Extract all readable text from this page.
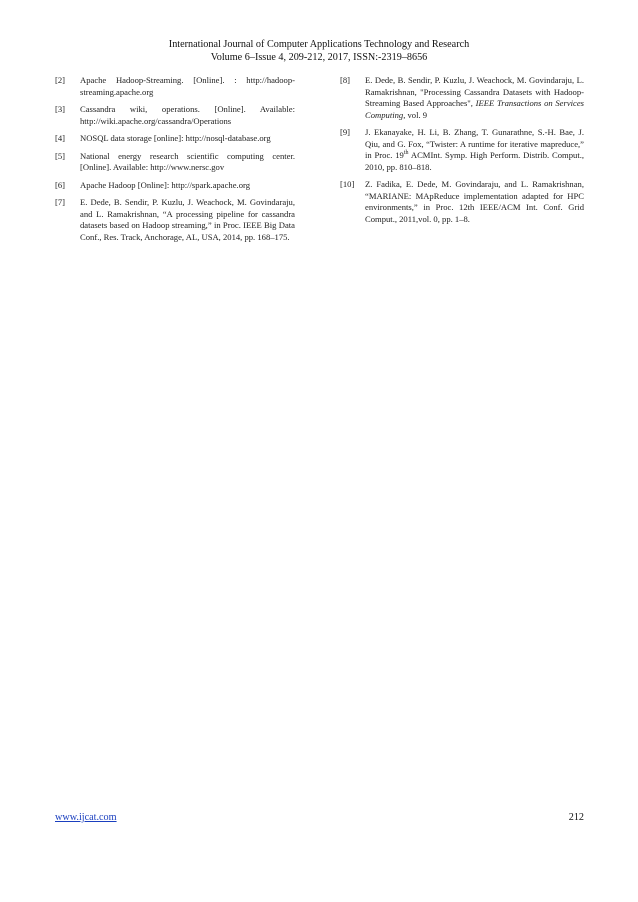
International Journal of Computer Applications Technology and Research
Volume 6–Issue 4, 209-212, 2017, ISSN:-2319–8656
[2] Apache Hadoop-Streaming. [Online]. : http://hadoop-streaming.apache.org
[3] Cassandra wiki, operations. [Online]. Available: http://wiki.apache.org/cassandra/Operations
[4] NOSQL data storage [online]: http://nosql-database.org
[5] National energy research scientific computing center. [Online]. Available: http://www.nersc.gov
[6] Apache Hadoop [Online]: http://spark.apache.org
[7] E. Dede, B. Sendir, P. Kuzlu, J. Weachock, M. Govindaraju, and L. Ramakrishnan, “A processing pipeline for cassandra datasets based on Hadoop streaming,” in Proc. IEEE Big Data Conf., Res. Track, Anchorage, AL, USA, 2014, pp. 168–175.
[8] E. Dede, B. Sendir, P. Kuzlu, J. Weachock, M. Govindaraju, L. Ramakrishnan, "Processing Cassandra Datasets with Hadoop-Streaming Based Approaches", IEEE Transactions on Services Computing, vol. 9
[9] J. Ekanayake, H. Li, B. Zhang, T. Gunarathne, S.-H. Bae, J. Qiu, and G. Fox, “Twister: A runtime for iterative mapreduce,” in Proc. 19th ACMInt. Symp. High Perform. Distrib. Comput., 2010, pp. 810–818.
[10] Z. Fadika, E. Dede, M. Govindaraju, and L. Ramakrishnan, “MARIANE: MApReduce implementation adapted for HPC environments,” in Proc. 12th IEEE/ACM Int. Conf. Grid Comput., 2011,vol. 0, pp. 1–8.
www.ijcat.com	212
